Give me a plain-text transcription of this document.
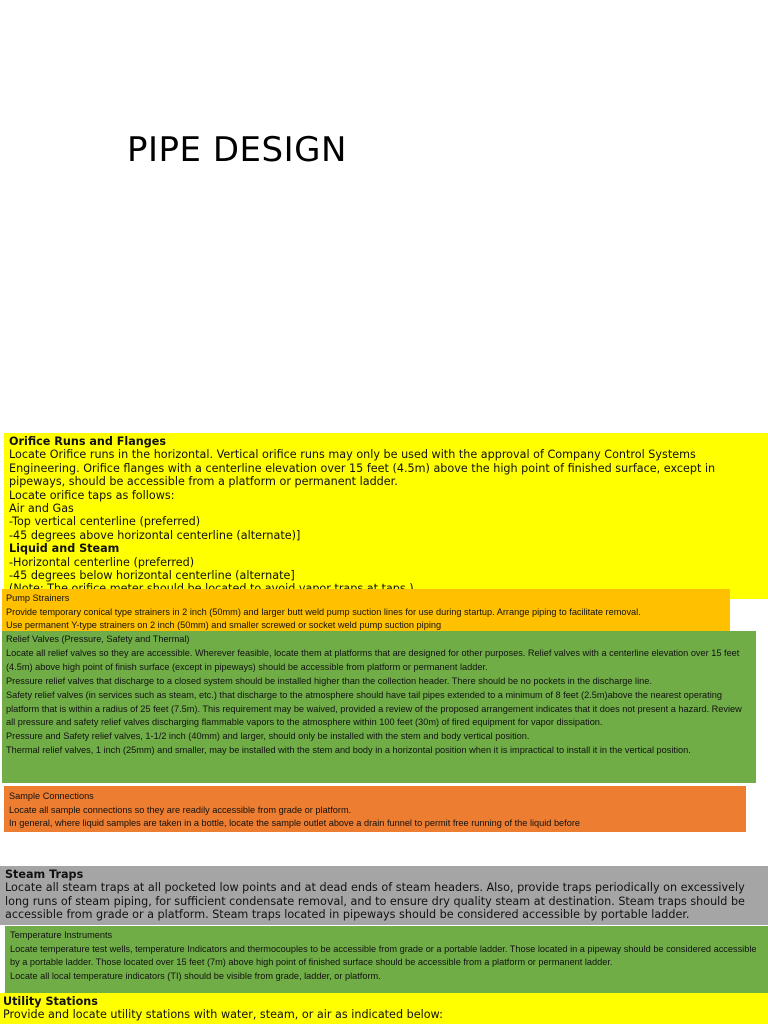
PIPE DESIGN

Orifice Runs and Flanges

Locate Orifice runs in the horizontal. Vertical orifice runs may only be used with the approval of Company Control Systems Engineering. Orifice flanges with a centerline elevation over 15 feet (4.5m) above the high point of finished surface, except in pipeways, should be accessible from a platform or permanent ladder.

Locate orifice taps as follows:

Air and Gas

-Top vertical centerline (preferred)

-45 degrees above horizontal centerline (alternate)]

Liquid and Steam

-Horizontal centerline (preferred)

-45 degrees below horizontal centerline (alternate]

Pump Strainers

Provide temporary conical type strainers in 2 inch (50mm) and larger butt weld pump suction lines for use during startup. Arrange piping to facilitate removal.

Use permanent Y-type strainers on 2 inch (50mm) and smaller screwed or socket weld pump suction piping

Relief Valves (Pressure, Safety and Thermal)

Locate all relief valves so they are accessible. Wherever feasible, locate them at platforms that are designed for other purposes. Relief valves with a centerline elevation over 15 feet (4.5m) above high point of finish surface (except in pipeways) should be accessible from platform or permanent ladder.

Pressure relief valves that discharge to a closed system should be installed higher than the collection header. There should be no pockets in the discharge line.

Safety relief valves (in services such as steam, etc.) that discharge to the atmosphere should have tail pipes extended to a minimum of 8 feet (2.5m)above the nearest operating platform that is within a radius of 25 feet (7.5m). This requirement may be waived, provided a review of the proposed arrangement indicates that it does not present a hazard. Review all pressure and safety relief valves discharging flammable vapors to the atmosphere within 100 feet (30m) of fired equipment for vapor dissipation.

Pressure and Safety relief valves, 1-1/2 inch (40mm) and larger, should only be installed with the stem and body vertical position.

Thermal relief valves, 1 inch (25mm) and smaller, may be installed with the stem and body in a horizontal position when it is impractical to install it in the vertical position.

Sample Connections

Locate all sample connections so they are readily accessible from grade or platform.

In general, where liquid samples are taken in a bottle, locate the sample outlet above a drain funnel to permit free running of the liquid before

Steam Traps

Locate all steam traps at all pocketed low points and at dead ends of steam headers. Also, provide traps periodically on excessively long runs of steam piping, for sufficient condensate removal, and to ensure dry quality steam at destination. Steam traps should be accessible from grade or a platform. Steam traps located in pipeways should be considered accessible by portable ladder.

Temperature Instruments

Locate temperature test wells, temperature Indicators and thermocouples to be accessible from grade or a portable ladder. Those located in a pipeway should be considered accessible by a portable ladder. Those located over 15 feet (7m) above high point of finished surface should be accessible from a platform or permanent ladder.

Locate all local temperature indicators (TI) should be visible from grade, ladder, or platform.

Utility Stations

Provide and locate utility stations with water, steam, or air as indicated below:
